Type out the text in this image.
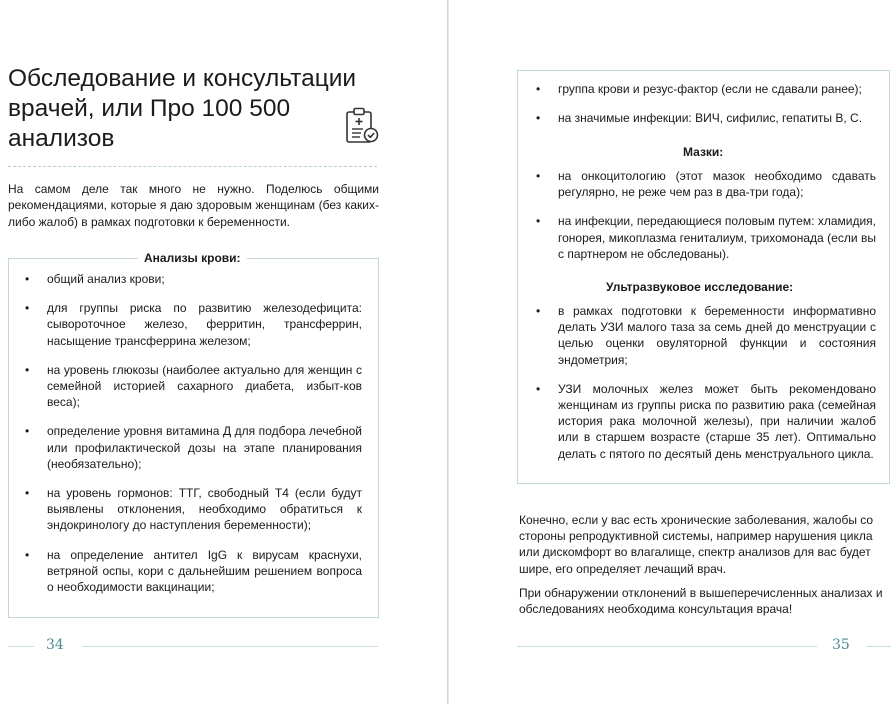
Обследование и консультации врачей, или Про 100 500 анализов

На самом деле так много не нужно. Поделюсь общими рекомендациями, которые я даю здоровым женщинам (без каких-либо жалоб) в рамках подготовки к беременности.

Анализы крови:
• общий анализ крови;
• для группы риска по развитию железодефицита: сывороточное железо, ферритин, трансферрин, насыщение трансферрина железом;
• на уровень глюкозы (наиболее актуально для женщин с семейной историей сахарного диабета, избыт-ков веса);
• определение уровня витамина Д для подбора лечебной или профилактической дозы на этапе планирования (необязательно);
• на уровень гормонов: ТТГ, свободный Т4 (если будут выявлены отклонения, необходимо обратиться к эндокринологу до наступления беременности);
• на определение антител IgG к вирусам краснухи, ветряной оспы, кори с дальнейшим решением вопроса о необходимости вакцинации;
34
• группа крови и резус-фактор (если не сдавали ранее);
• на значимые инфекции: ВИЧ, сифилис, гепатиты В, С.
Мазки:
• на онкоцитологию (этот мазок необходимо сдавать регулярно, не реже чем раз в два-три года);
• на инфекции, передающиеся половым путем: хламидия, гонорея, микоплазма гениталиум, трихомонада (если вы с партнером не обследованы).
Ультразвуковое исследование:
• в рамках подготовки к беременности информативно делать УЗИ малого таза за семь дней до менструации с целью оценки овуляторной функции и состояния эндометрия;
• УЗИ молочных желез может быть рекомендовано женщинам из группы риска по развитию рака (семейная история рака молочной железы), при наличии жалоб или в старшем возрасте (старше 35 лет). Оптимально делать с пятого по десятый день менструального цикла.

Конечно, если у вас есть хронические заболевания, жалобы со стороны репродуктивной системы, например нарушения цикла или дискомфорт во влагалище, спектр анализов для вас будет шире, его определяет лечащий врач.

При обнаружении отклонений в вышеперечисленных анализах и обследованиях необходима консультация врача!

35
